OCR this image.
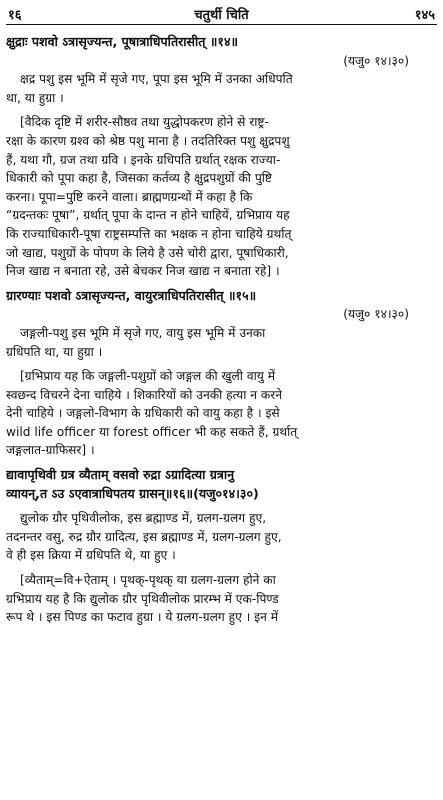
१६	चतुर्थी चिति	१४५
क्षुद्राः पशवो ऽत्रासृज्यन्त, पूषात्राधिपतिरासीत् ॥१४॥
(यजु० १४।३०)
क्षद्र पशु इस भूमि में सृजे गए, पूपा इस भूमि में उनका अधिपति
था, या हुग्रा ।
[वैदिक दृष्टि में शरीर-सौष्ठव तथा युद्धोपकरण होने से राष्ट्र-
रक्षा के कारण ग्रश्व को श्रेष्ठ पशु माना है । तदतिरिक्त पशु क्षुद्रपशु
हैं, यथा गौ, ग्रज तथा ग्रवि । इनके ग्रधिपति ग्रर्थात् रक्षक राज्या-
धिकारी को पूपा कहा है, जिसका कर्तव्य है क्षुद्रपशुग्रों की पुष्टि
करना। पूपा=पुष्टि करने वाला। ब्राह्मणग्रन्थों में कहा है कि
“ग्रदन्तकः पूषा”, ग्रर्थात् पूपा के दान्त न होने चाहियें, ग्रभिप्राय यह
कि राज्याधिकारी-पूषा राष्ट्रसम्पत्ति का भक्षक न होना चाहिये ग्रर्थात्
जो खाद्य, पशुग्रों के पोपण के लिये है उसे चोरी द्वारा, पूषाधिकारी,
निज खाद्य न बनाता रहे, उसे बेचकर निज खाद्य न बनाता रहे] ।
ग्रारण्याः पशवो ऽत्रासृज्यन्त, वायुरत्राधिपतिरासीत् ॥१५॥
(यजु० १४।३०)
जङ्गली-पशु इस भूमि में सृजे गए, वायु इस भूमि में उनका
ग्रधिपति था, या हुग्रा ।
[ग्रभिप्राय यह कि जङ्गली-पशुग्रों को जङ्गल की खुली वायु में
स्वछन्द विचरने देना चाहिये । शिकारियों को उनकी हत्या न करने
देनी चाहिये । जङ्गलो-विभाग के ग्रधिकारी को वायु कहा है । इसे
wild life officer या forest officer भी कह सकते हैं, ग्रर्थात्
जङ्गलात-ग्राफिसर] ।
द्यावापृथिवी ग्रत्र व्यैताम् वसवो रुद्रा ऽग्रादित्या ग्रत्रानु
व्यायन्,त ऽउ ऽएवात्राधिपतय ग्रासन्॥१६॥(यजु०१४।३०)
द्युलोक ग्रौर पृथिवीलोक, इस ब्रह्माण्ड में, ग्रलग-ग्रलग हुए,
तदनन्तर वसु, रुद्र ग्रौर ग्रादित्य, इस ब्रह्माण्ड में, ग्रलग-ग्रलग हुए,
वे ही इस क्रिया में ग्रधिपति थे, या हुए ।
[व्यैताम्=वि+ऐताम् । पृथक्-पृथक् या ग्रलग-ग्रलग होने का
ग्रभिप्राय यह है कि द्युलोक ग्रौर पृथिवीलोक प्रारम्भ में एक-पिण्ड
रूप थे । इस पिण्ड का फटाव हुग्रा । ये ग्रलग-ग्रलग हुए । इन में
